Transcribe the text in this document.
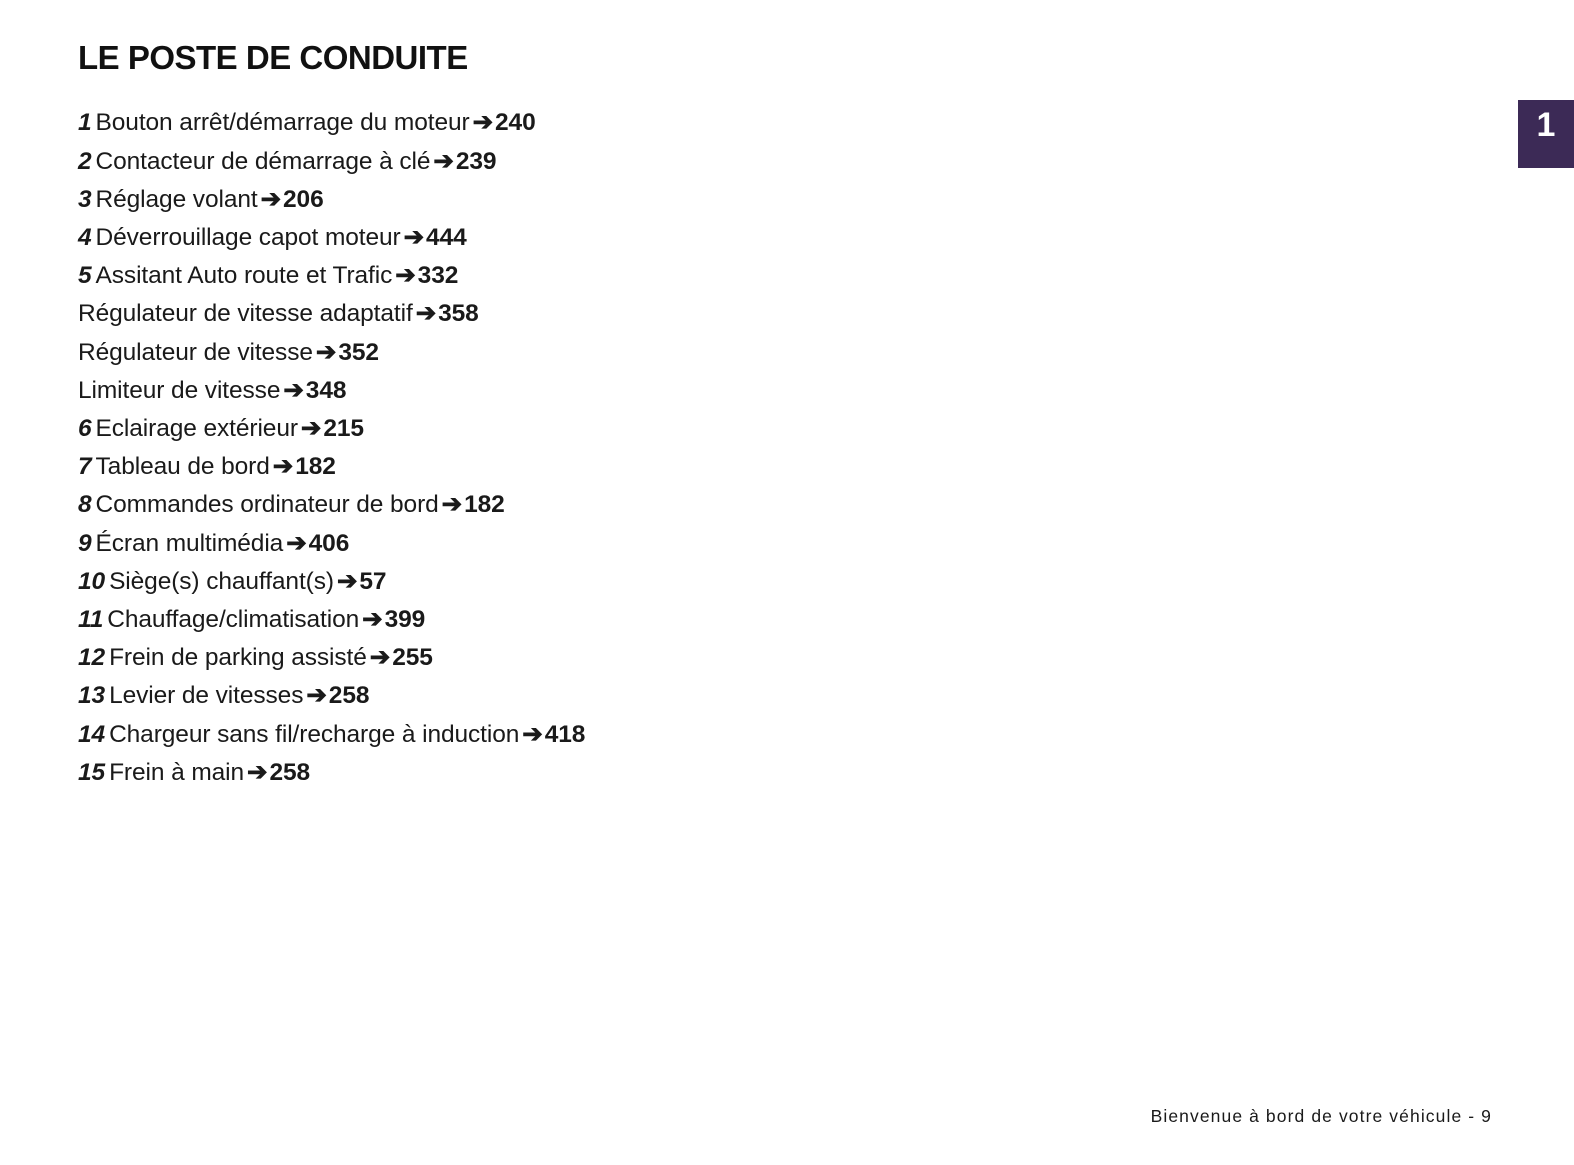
1
LE POSTE DE CONDUITE
1 Bouton arrêt/démarrage du moteur ➔240
2 Contacteur de démarrage à clé ➔239
3 Réglage volant ➔206
4 Déverrouillage capot moteur ➔444
5 Assitant Auto route et Trafic ➔332
Régulateur de vitesse adaptatif ➔358
Régulateur de vitesse ➔352
Limiteur de vitesse ➔348
6 Eclairage extérieur ➔215
7 Tableau de bord ➔182
8 Commandes ordinateur de bord ➔182
9 Écran multimédia ➔406
10 Siège(s) chauffant(s) ➔57
11 Chauffage/climatisation ➔399
12 Frein de parking assisté ➔255
13 Levier de vitesses ➔258
14 Chargeur sans fil/recharge à induction ➔418
15 Frein à main ➔258
Bienvenue à bord de votre véhicule - 9
